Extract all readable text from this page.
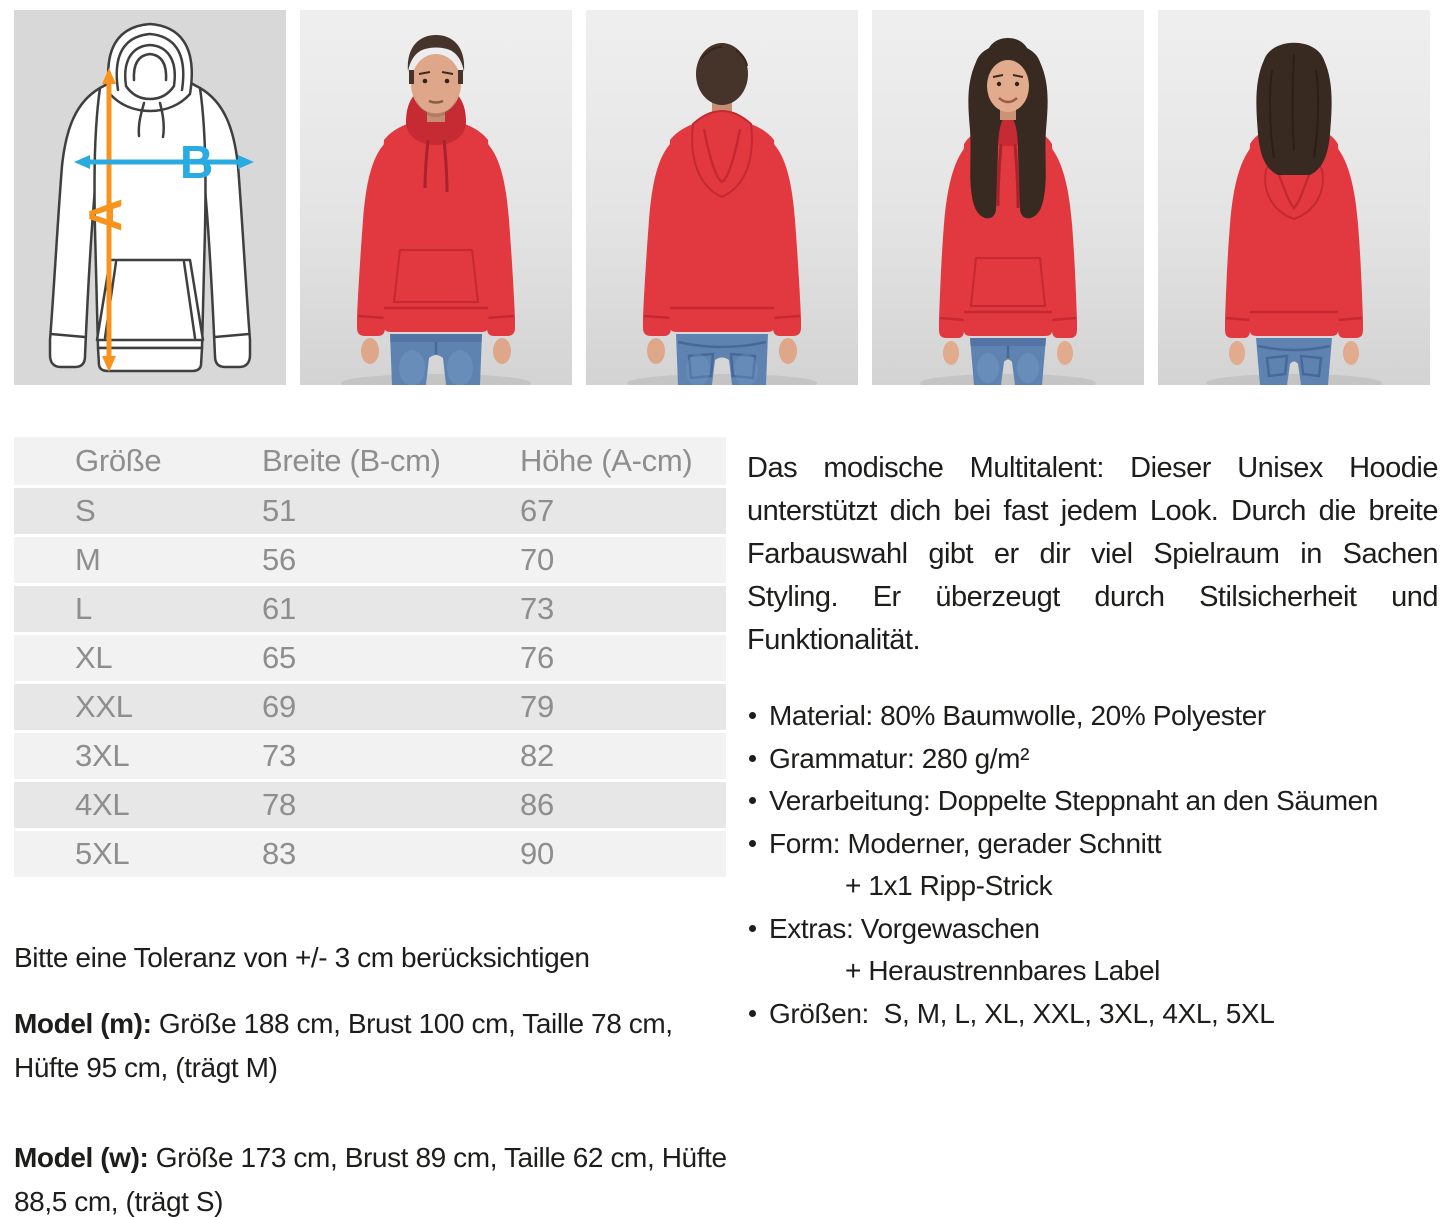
A
B
Größe	Breite (B-cm)	Höhe (A-cm)
S	51	67
M	56	70
L	61	73
XL	65	76
XXL	69	79
3XL	73	82
4XL	78	86
5XL	83	90

Bitte eine Toleranz von +/- 3 cm berücksichtigen

Model (m): Größe 188 cm, Brust 100 cm, Taille 78 cm, Hüfte 95 cm, (trägt M)

Model (w): Größe 173 cm, Brust 89 cm, Taille 62 cm, Hüfte 88,5 cm, (trägt S)

Das modische Multitalent: Dieser Unisex Hoodie unterstützt dich bei fast jedem Look. Durch die breite Farbauswahl gibt er dir viel Spielraum in Sachen Styling. Er überzeugt durch Stilsicherheit und Funktionalität.

Material: 80% Baumwolle, 20% Polyester
Grammatur: 280 g/m²
Verarbeitung: Doppelte Steppnaht an den Säumen
Form: Moderner, gerader Schnitt
+ 1x1 Ripp-Strick
Extras: Vorgewaschen
+ Heraustrennbares Label
Größen:  S, M, L, XL, XXL, 3XL, 4XL, 5XL
